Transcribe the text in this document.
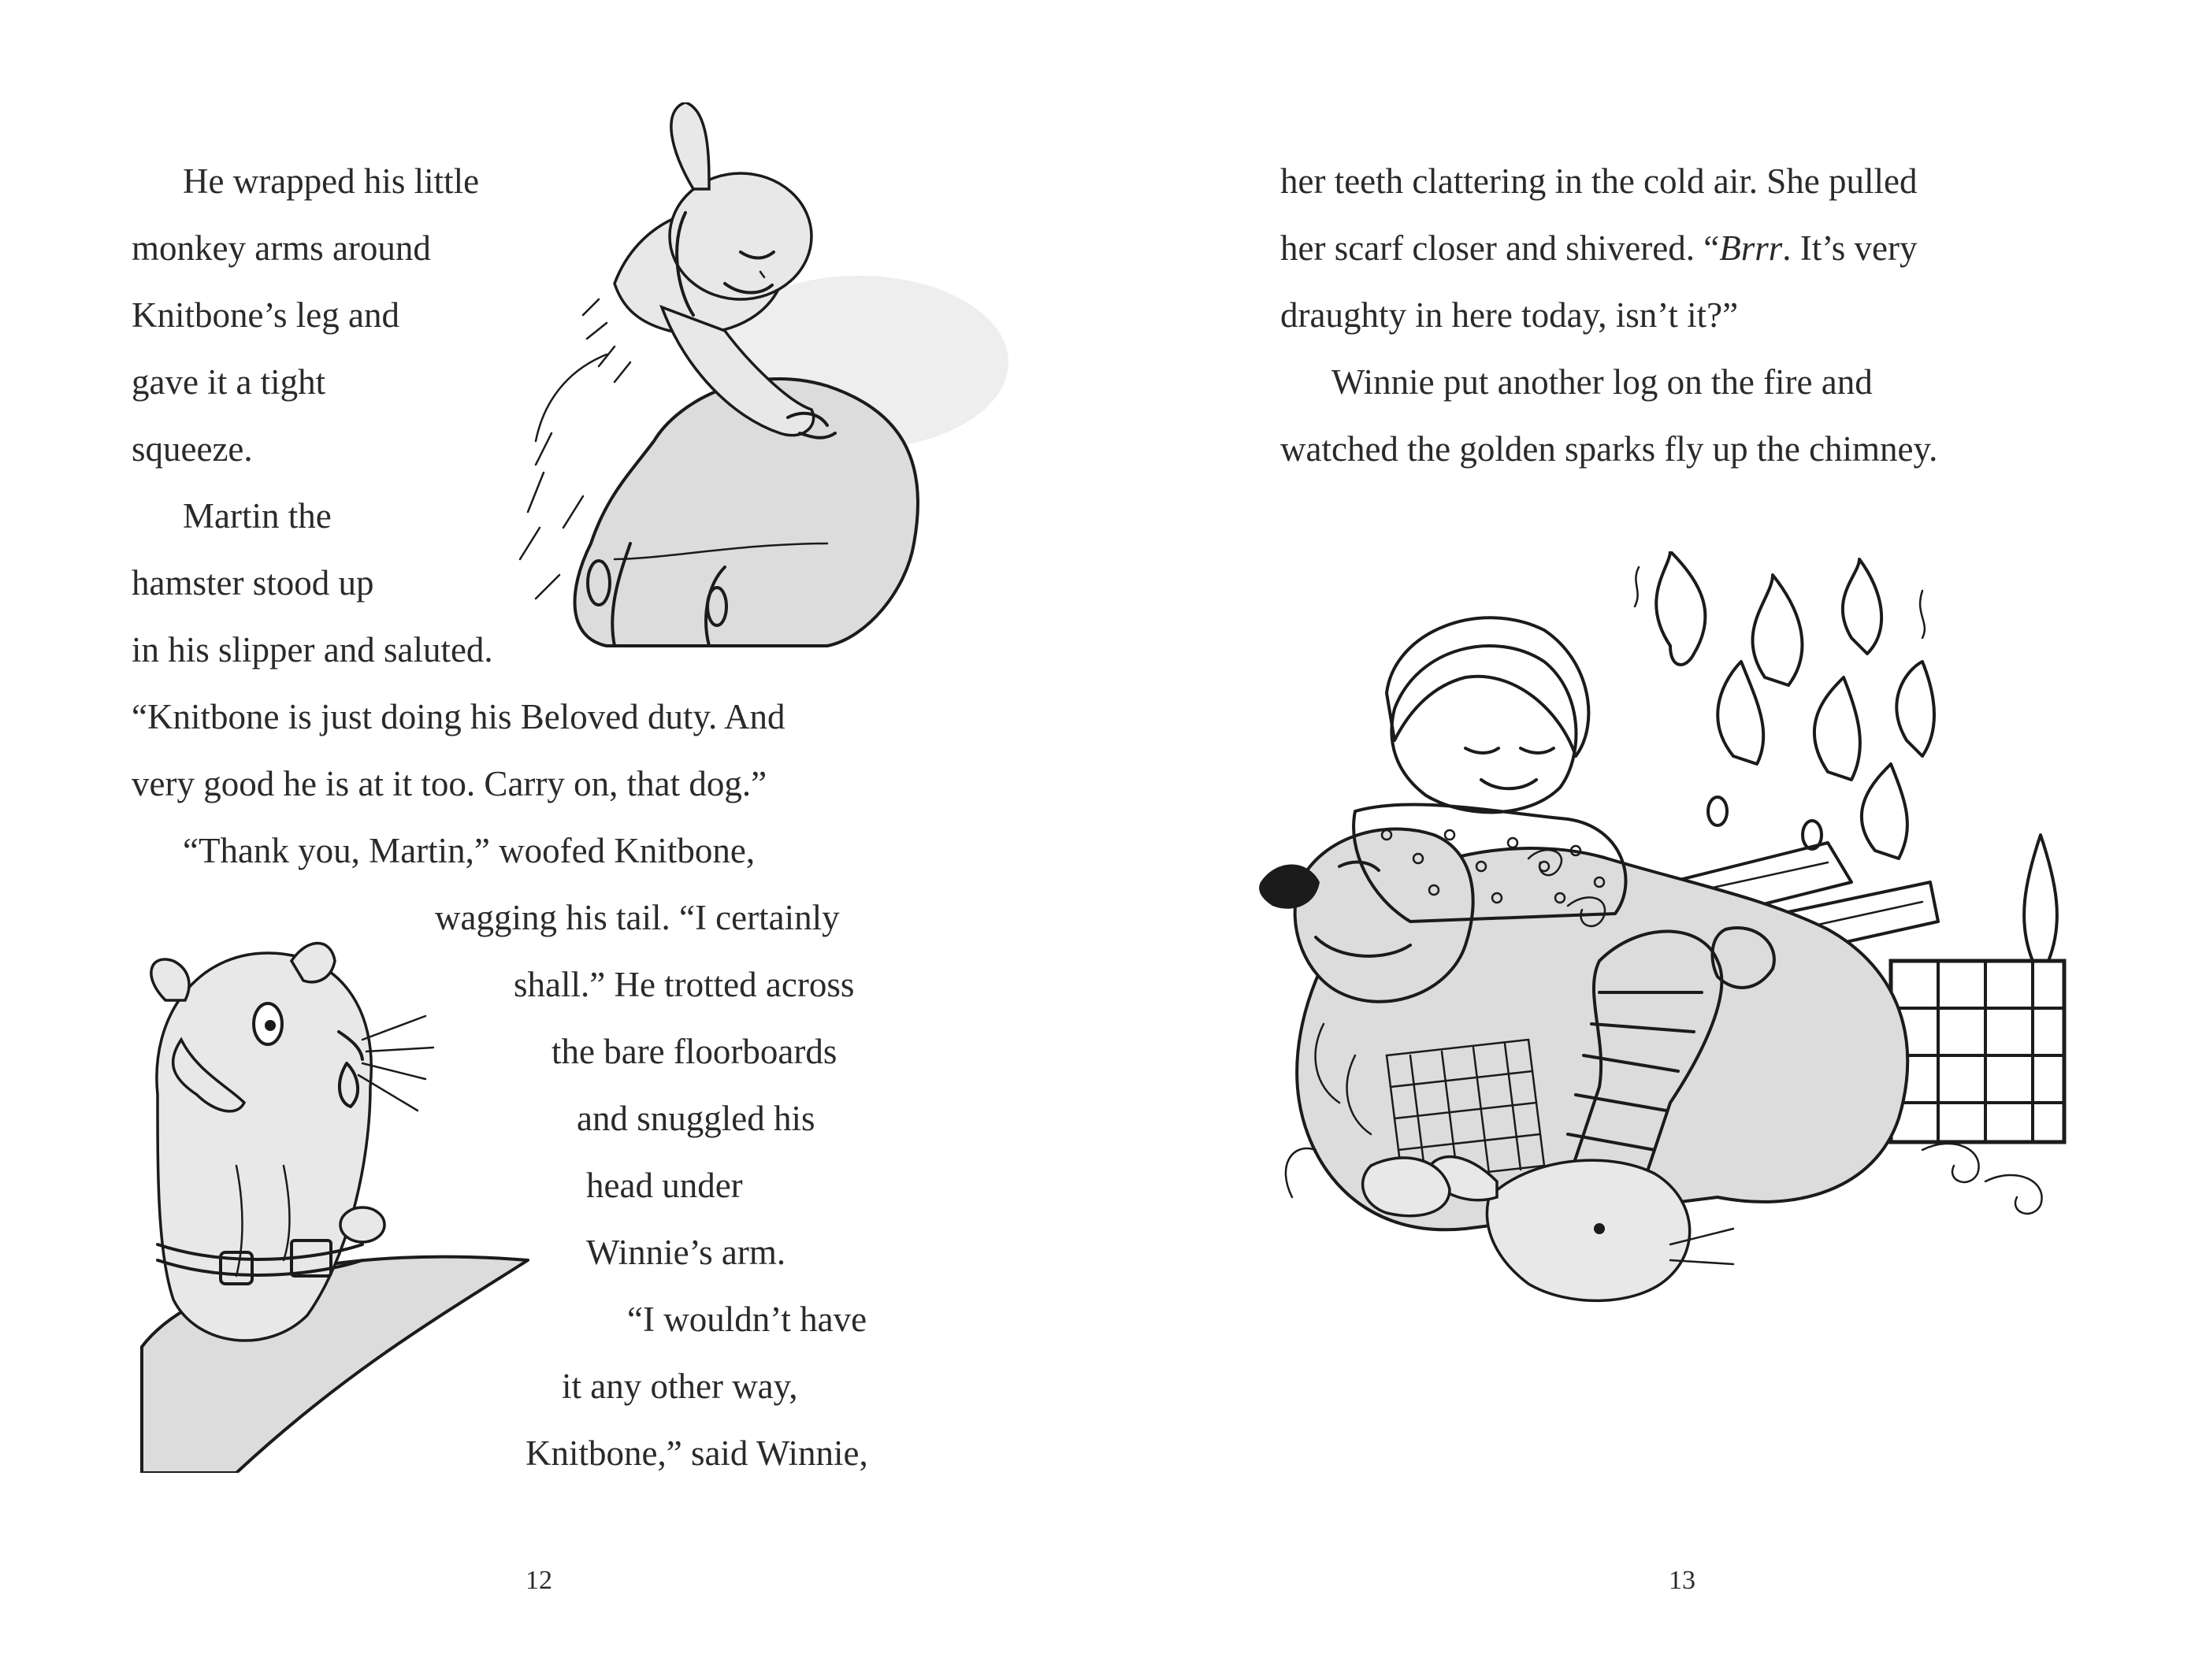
He wrapped his little
monkey arms around
Knitbone’s leg and
gave it a tight
squeeze.
Martin the
hamster stood up
in his slipper and saluted.
“Knitbone is just doing his Beloved duty. And
very good he is at it too. Carry on, that dog.”
“Thank you, Martin,” woofed Knitbone,
wagging his tail. “I certainly
shall.” He trotted across
the bare floorboards
and snuggled his
head under
Winnie’s arm.
“I wouldn’t have
it any other way,
Knitbone,” said Winnie,
12
her teeth clattering in the cold air. She pulled
her scarf closer and shivered. “Brrr. It’s very
draughty in here today, isn’t it?”
Winnie put another log on the fire and
watched the golden sparks fly up the chimney.
13
